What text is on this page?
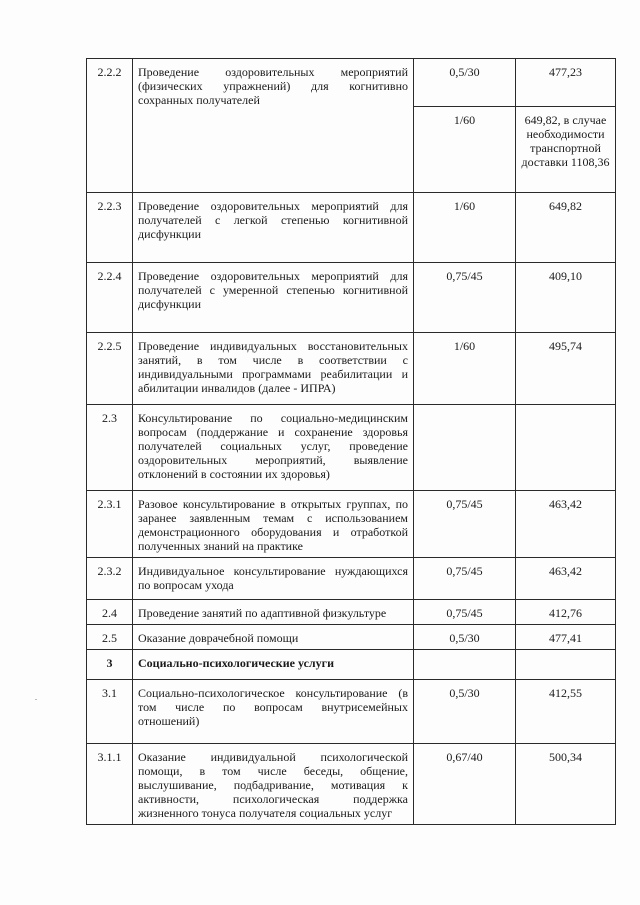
2.2.2	Проведение оздоровительных мероприятий (физических упражнений) для когнитивно сохранных получателей	0,5/30	477,23
		1/60	649,82, в случае необходимости транспортной доставки 1108,36
2.2.3	Проведение оздоровительных мероприятий для получателей с легкой степенью когнитивной дисфункции	1/60	649,82
2.2.4	Проведение оздоровительных мероприятий для получателей с умеренной степенью когнитивной дисфункции	0,75/45	409,10
2.2.5	Проведение индивидуальных восстановительных занятий, в том числе в соответствии с индивидуальными программами реабилитации и абилитации инвалидов (далее - ИПРА)	1/60	495,74
2.3	Консультирование по социально-медицинским вопросам (поддержание и сохранение здоровья получателей социальных услуг, проведение оздоровительных мероприятий, выявление отклонений в состоянии их здоровья)		
2.3.1	Разовое консультирование в открытых группах, по заранее заявленным темам с использованием демонстрационного оборудования и отработкой полученных знаний на практике	0,75/45	463,42
2.3.2	Индивидуальное консультирование нуждающихся по вопросам ухода	0,75/45	463,42
2.4	Проведение занятий по адаптивной физкультуре	0,75/45	412,76
2.5	Оказание доврачебной помощи	0,5/30	477,41
3	Социально-психологические услуги		
3.1	Социально-психологическое консультирование (в том числе по вопросам внутрисемейных отношений)	0,5/30	412,55
3.1.1	Оказание индивидуальной психологической помощи, в том числе беседы, общение, выслушивание, подбадривание, мотивация к активности, психологическая поддержка жизненного тонуса получателя социальных услуг	0,67/40	500,34
